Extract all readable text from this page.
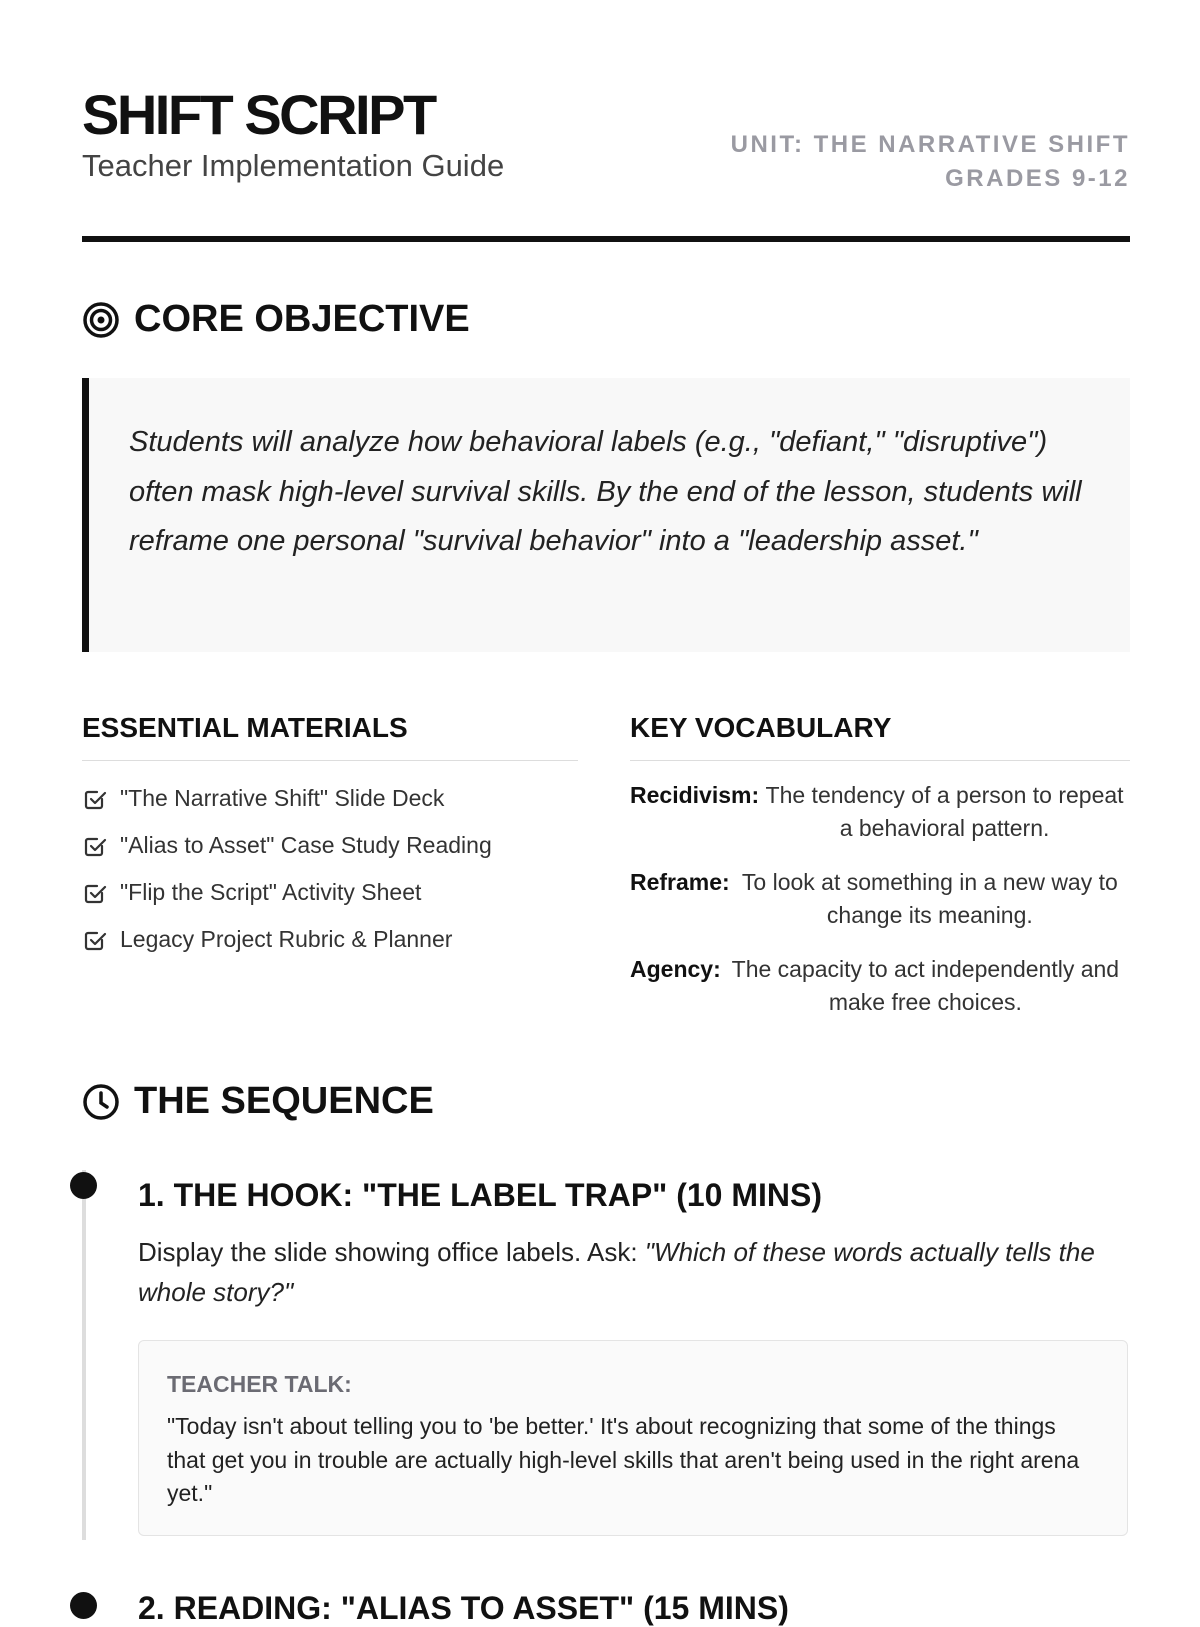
SHIFT SCRIPT
Teacher Implementation Guide
UNIT: THE NARRATIVE SHIFT
GRADES 9-12
CORE OBJECTIVE
Students will analyze how behavioral labels (e.g., "defiant," "disruptive") often mask high-level survival skills. By the end of the lesson, students will reframe one personal "survival behavior" into a "leadership asset."
ESSENTIAL MATERIALS
"The Narrative Shift" Slide Deck
"Alias to Asset" Case Study Reading
"Flip the Script" Activity Sheet
Legacy Project Rubric & Planner
KEY VOCABULARY
Recidivism: The tendency of a person to repeat a behavioral pattern.
Reframe: To look at something in a new way to change its meaning.
Agency: The capacity to act independently and make free choices.
THE SEQUENCE
1. THE HOOK: "THE LABEL TRAP" (10 MINS)
Display the slide showing office labels. Ask: "Which of these words actually tells the whole story?"
TEACHER TALK:
"Today isn't about telling you to 'be better.' It's about recognizing that some of the things that get you in trouble are actually high-level skills that aren't being used in the right arena yet."
2. READING: "ALIAS TO ASSET" (15 MINS)
